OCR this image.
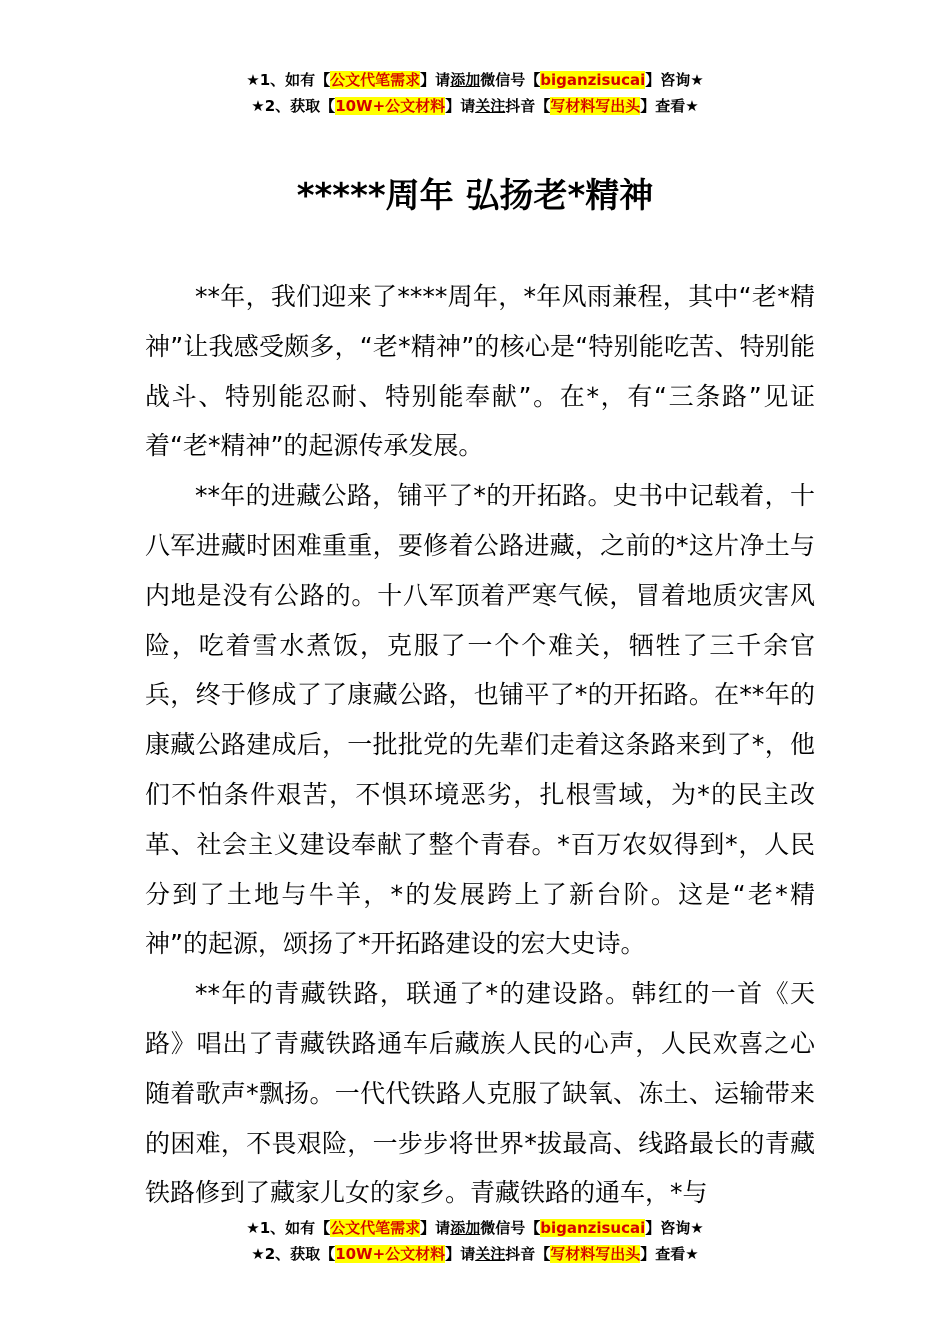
★1、如有【公文代笔需求】请添加微信号【biganzisucai】咨询★
★2、获取【10W+公文材料】请关注抖音【写材料写出头】查看★
*****周年 弘扬老*精神

**年，我们迎来了****周年，*年风雨兼程，其中“老*精神”让我感受颇多，“老*精神”的核心是“特别能吃苦、特别能战斗、特别能忍耐、特别能奉献”。在*，有“三条路”见证着“老*精神”的起源传承发展。

**年的进藏公路，铺平了*的开拓路。史书中记载着，十八军进藏时困难重重，要修着公路进藏，之前的*这片净土与内地是没有公路的。十八军顶着严寒气候，冒着地质灾害风险，吃着雪水煮饭，克服了一个个难关，牺牲了三千余官兵，终于修成了了康藏公路，也铺平了*的开拓路。在**年的康藏公路建成后，一批批党的先辈们走着这条路来到了*，他们不怕条件艰苦，不惧环境恶劣，扎根雪域，为*的民主改革、社会主义建设奉献了整个青春。*百万农奴得到*，人民分到了土地与牛羊，*的发展跨上了新台阶。这是“老*精神”的起源，颂扬了*开拓路建设的宏大史诗。

**年的青藏铁路，联通了*的建设路。韩红的一首《天路》唱出了青藏铁路通车后藏族人民的心声，人民欢喜之心随着歌声*飘扬。一代代铁路人克服了缺氧、冻土、运输带来的困难，不畏艰险，一步步将世界*拔最高、线路最长的青藏铁路修到了藏家儿女的家乡。青藏铁路的通车，*与

★1、如有【公文代笔需求】请添加微信号【biganzisucai】咨询★
★2、获取【10W+公文材料】请关注抖音【写材料写出头】查看★
